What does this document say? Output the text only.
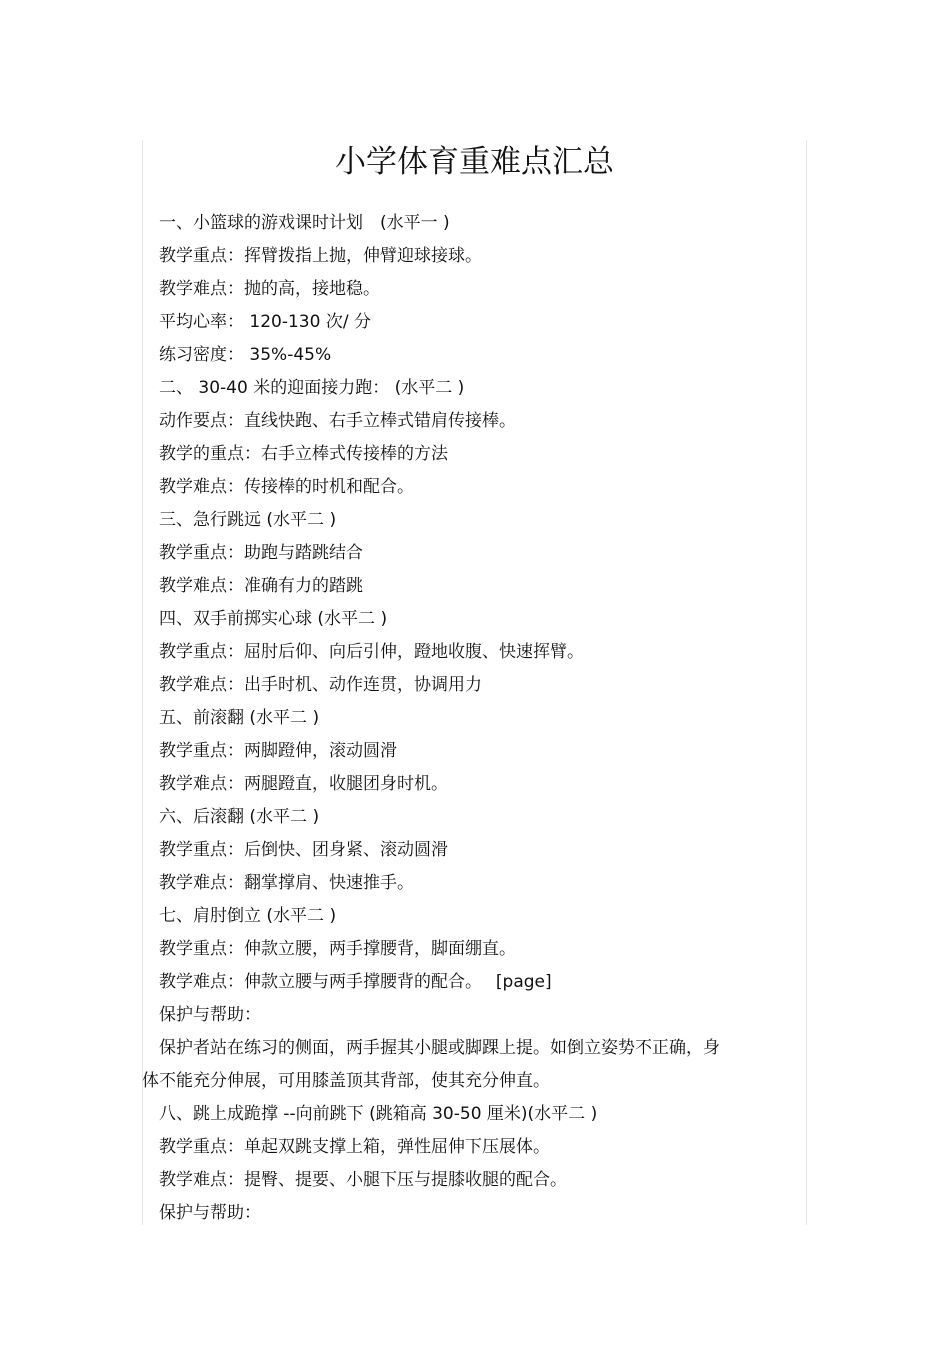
小学体育重难点汇总
一、小篮球的游戏课时计划　(水平一 )
教学重点：挥臂拨指上抛，伸臂迎球接球。
教学难点：抛的高，接地稳。
平均心率： 120-130 次/ 分
练习密度： 35%-45%
二、 30-40 米的迎面接力跑： (水平二 )
动作要点：直线快跑、右手立棒式错肩传接棒。
教学的重点：右手立棒式传接棒的方法
教学难点：传接棒的时机和配合。
三、急行跳远 (水平二 )
教学重点：助跑与踏跳结合
教学难点：准确有力的踏跳
四、双手前掷实心球 (水平二 )
教学重点：屈肘后仰、向后引伸，蹬地收腹、快速挥臂。
教学难点：出手时机、动作连贯，协调用力
五、前滚翻 (水平二 )
教学重点：两脚蹬伸，滚动圆滑
教学难点：两腿蹬直，收腿团身时机。
六、后滚翻 (水平二 )
教学重点：后倒快、团身紧、滚动圆滑
教学难点：翻掌撑肩、快速推手。
七、肩肘倒立 (水平二 )
教学重点：伸款立腰，两手撑腰背，脚面绷直。
教学难点：伸款立腰与两手撑腰背的配合。　 [page]
保护与帮助：
保护者站在练习的侧面，两手握其小腿或脚踝上提。如倒立姿势不正确，身
体不能充分伸展，可用膝盖顶其背部，使其充分伸直。
八、跳上成跪撑 --向前跳下 (跳箱高 30-50 厘米)(水平二 )
教学重点：单起双跳支撑上箱，弹性屈伸下压展体。
教学难点：提臀、提要、小腿下压与提膝收腿的配合。
保护与帮助：
